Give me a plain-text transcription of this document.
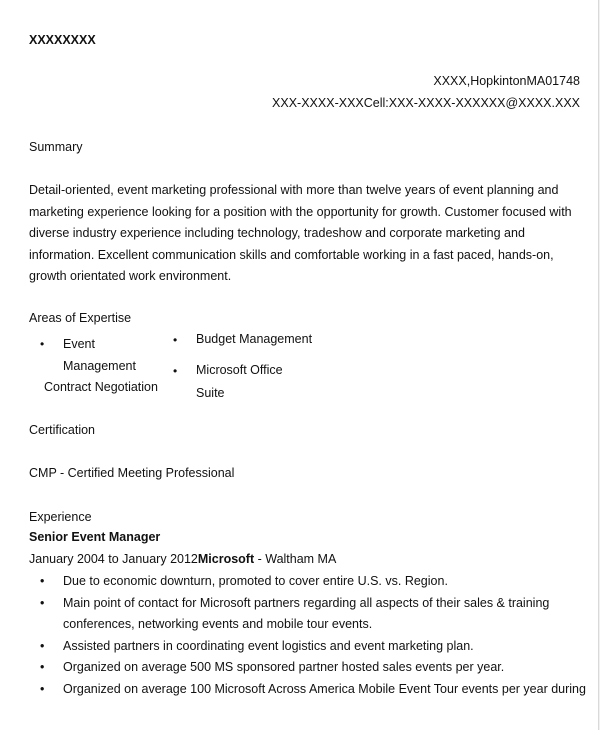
XXXXXXXX
XXXX,HopkintonMA01748
XXX-XXXX-XXXCell:XXX-XXXX-XXXXXX@XXXX.XXX
Summary
Detail-oriented, event marketing professional with more than twelve years of event planning and
marketing experience looking for a position with the opportunity for growth. Customer focused with
diverse industry experience including technology, tradeshow and corporate marketing and
information. Excellent communication skills and comfortable working in a fast paced, hands-on,
growth orientated work environment.
Areas of Expertise
• Event
Management
Contract Negotiation
• Budget Management
• Microsoft Office
Suite
Certification
CMP - Certified Meeting Professional
Experience
Senior Event Manager
January 2004 to January 2012Microsoft - Waltham MA
• Due to economic downturn, promoted to cover entire U.S. vs. Region.
• Main point of contact for Microsoft partners regarding all aspects of their sales & training
conferences, networking events and mobile tour events.
• Assisted partners in coordinating event logistics and event marketing plan.
• Organized on average 500 MS sponsored partner hosted sales events per year.
• Organized on average 100 Microsoft Across America Mobile Event Tour events per year during
